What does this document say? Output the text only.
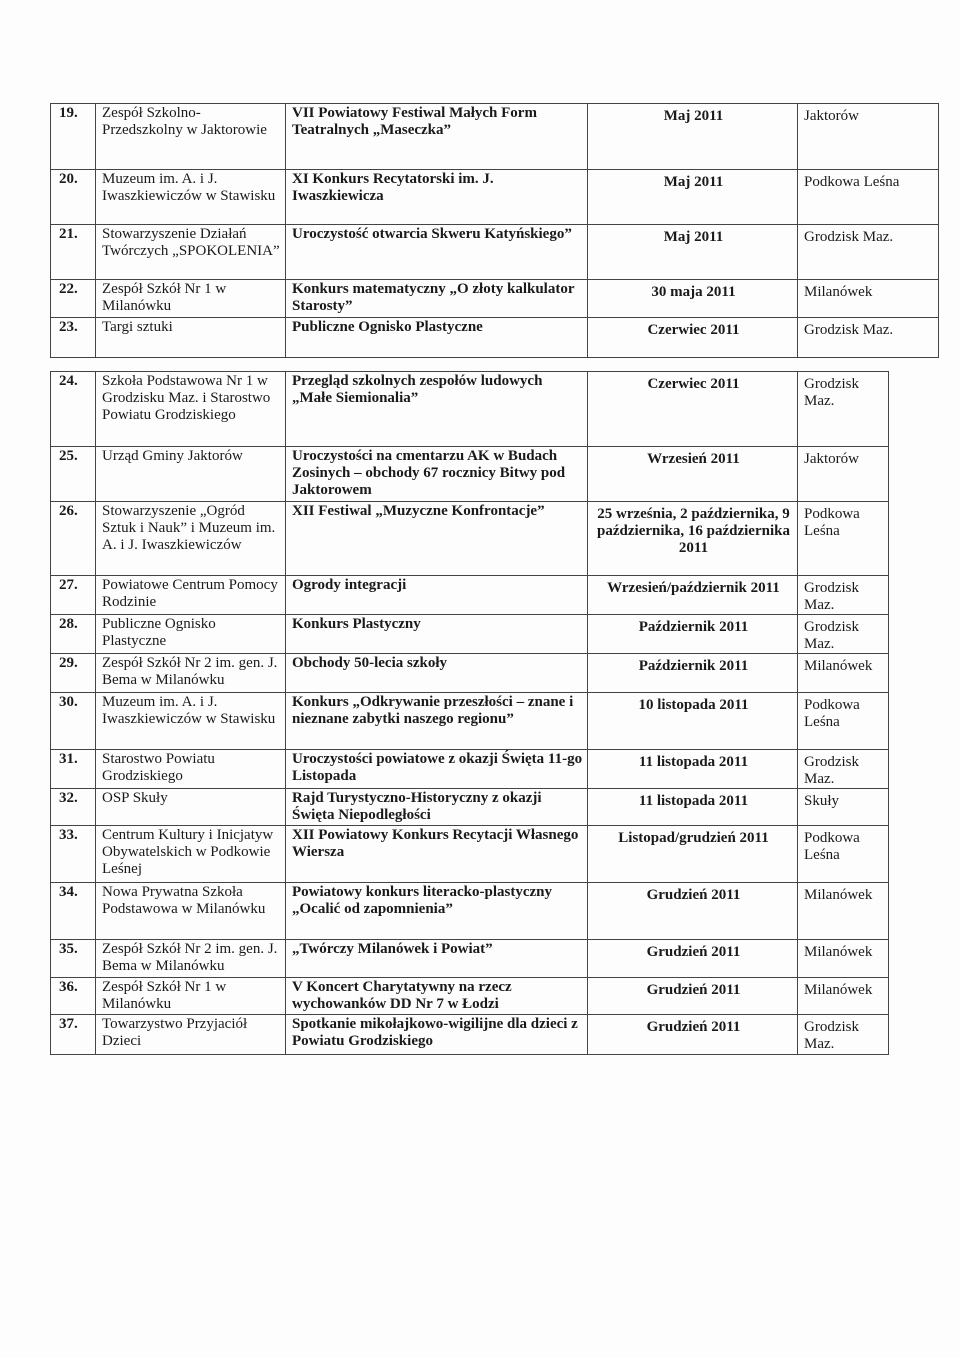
19.	Zespół Szkolno-Przedszkolny w Jaktorowie	VII Powiatowy Festiwal Małych Form Teatralnych „Maseczka”	Maj 2011	Jaktorów
20.	Muzeum im. A. i J. Iwaszkiewiczów w Stawisku	XI Konkurs Recytatorski im. J. Iwaszkiewicza	Maj 2011	Podkowa Leśna
21.	Stowarzyszenie Działań Twórczych „SPOKOLENIA”	Uroczystość otwarcia Skweru Katyńskiego”	Maj 2011	Grodzisk Maz.
22.	Zespół Szkół Nr 1 w Milanówku	Konkurs matematyczny „O złoty kalkulator Starosty”	30 maja 2011	Milanówek
23.	Targi sztuki	Publiczne Ognisko Plastyczne	Czerwiec 2011	Grodzisk Maz.
24.	Szkoła Podstawowa Nr 1 w Grodzisku Maz. i Starostwo Powiatu Grodziskiego	Przegląd szkolnych zespołów ludowych „Małe Siemionalia”	Czerwiec 2011	Grodzisk Maz.
25.	Urząd Gminy Jaktorów	Uroczystości na cmentarzu AK w Budach Zosinych – obchody 67 rocznicy Bitwy pod Jaktorowem	Wrzesień 2011	Jaktorów
26.	Stowarzyszenie „Ogród Sztuk i Nauk” i Muzeum im. A. i J. Iwaszkiewiczów	XII Festiwal „Muzyczne Konfrontacje”	25 września, 2 października, 9 października, 16 października 2011	Podkowa Leśna
27.	Powiatowe Centrum Pomocy Rodzinie	Ogrody integracji	Wrzesień/październik 2011	Grodzisk Maz.
28.	Publiczne Ognisko Plastyczne	Konkurs Plastyczny	Październik 2011	Grodzisk Maz.
29.	Zespół Szkół Nr 2 im. gen. J. Bema w Milanówku	Obchody 50-lecia szkoły	Październik 2011	Milanówek
30.	Muzeum im. A. i J. Iwaszkiewiczów w Stawisku	Konkurs „Odkrywanie przeszłości – znane i nieznane zabytki naszego regionu”	10 listopada 2011	Podkowa Leśna
31.	Starostwo Powiatu Grodziskiego	Uroczystości powiatowe z okazji Święta 11-go Listopada	11 listopada 2011	Grodzisk Maz.
32.	OSP Skuły	Rajd Turystyczno-Historyczny z okazji Święta Niepodległości	11 listopada 2011	Skuły
33.	Centrum Kultury i Inicjatyw Obywatelskich w Podkowie Leśnej	XII Powiatowy Konkurs Recytacji Własnego Wiersza	Listopad/grudzień 2011	Podkowa Leśna
34.	Nowa Prywatna Szkoła Podstawowa w Milanówku	Powiatowy konkurs literacko-plastyczny „Ocalić od zapomnienia”	Grudzień 2011	Milanówek
35.	Zespół Szkół Nr 2 im. gen. J. Bema w Milanówku	„Twórczy Milanówek i Powiat”	Grudzień 2011	Milanówek
36.	Zespół Szkół Nr 1 w Milanówku	V Koncert Charytatywny na rzecz wychowanków DD Nr 7 w Łodzi	Grudzień 2011	Milanówek
37.	Towarzystwo Przyjaciół Dzieci	Spotkanie mikołajkowo-wigilijne dla dzieci z Powiatu Grodziskiego	Grudzień 2011	Grodzisk Maz.
